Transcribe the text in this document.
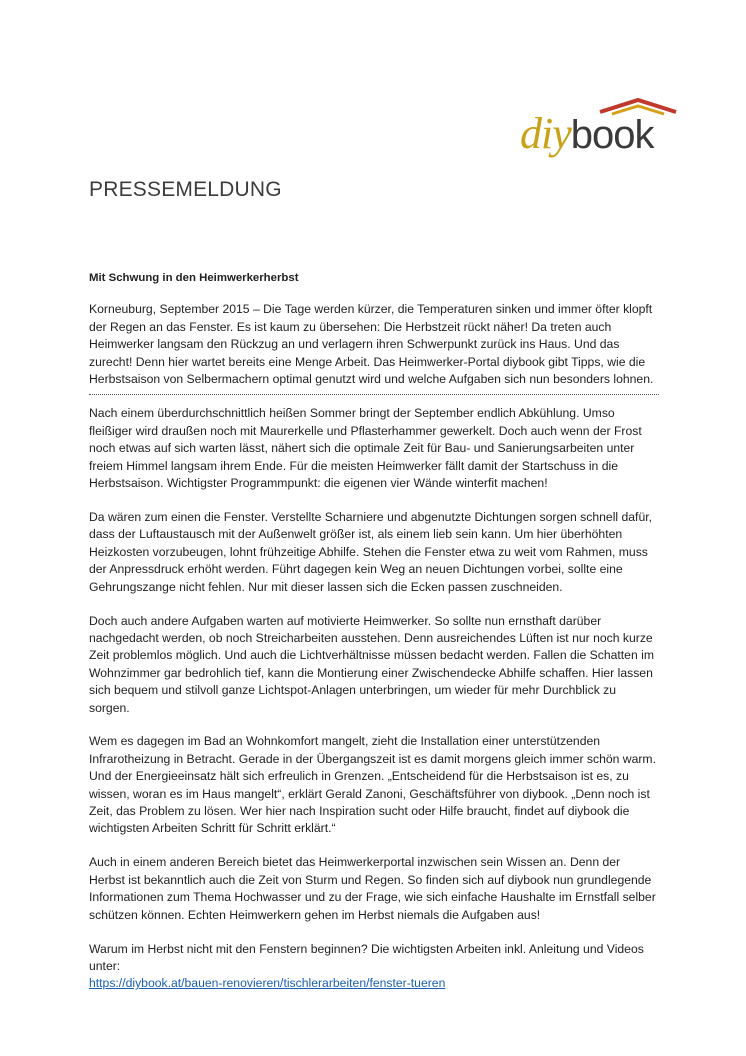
diybook
PRESSEMELDUNG

Mit Schwung in den Heimwerkerherbst

Korneuburg, September 2015 – Die Tage werden kürzer, die Temperaturen sinken und immer öfter klopft der Regen an das Fenster. Es ist kaum zu übersehen: Die Herbstzeit rückt näher! Da treten auch Heimwerker langsam den Rückzug an und verlagern ihren Schwerpunkt zurück ins Haus. Und das zurecht! Denn hier wartet bereits eine Menge Arbeit. Das Heimwerker-Portal diybook gibt Tipps, wie die Herbstsaison von Selbermachern optimal genutzt wird und welche Aufgaben sich nun besonders lohnen.

Nach einem überdurchschnittlich heißen Sommer bringt der September endlich Abkühlung. Umso fleißiger wird draußen noch mit Maurerkelle und Pflasterhammer gewerkelt. Doch auch wenn der Frost noch etwas auf sich warten lässt, nähert sich die optimale Zeit für Bau- und Sanierungsarbeiten unter freiem Himmel langsam ihrem Ende. Für die meisten Heimwerker fällt damit der Startschuss in die Herbstsaison. Wichtigster Programmpunkt: die eigenen vier Wände winterfit machen!

Da wären zum einen die Fenster. Verstellte Scharniere und abgenutzte Dichtungen sorgen schnell dafür, dass der Luftaustausch mit der Außenwelt größer ist, als einem lieb sein kann. Um hier überhöhten Heizkosten vorzubeugen, lohnt frühzeitige Abhilfe. Stehen die Fenster etwa zu weit vom Rahmen, muss der Anpressdruck erhöht werden. Führt dagegen kein Weg an neuen Dichtungen vorbei, sollte eine Gehrungszange nicht fehlen. Nur mit dieser lassen sich die Ecken passen zuschneiden.

Doch auch andere Aufgaben warten auf motivierte Heimwerker. So sollte nun ernsthaft darüber nachgedacht werden, ob noch Streicharbeiten ausstehen. Denn ausreichendes Lüften ist nur noch kurze Zeit problemlos möglich. Und auch die Lichtverhältnisse müssen bedacht werden. Fallen die Schatten im Wohnzimmer gar bedrohlich tief, kann die Montierung einer Zwischendecke Abhilfe schaffen. Hier lassen sich bequem und stilvoll ganze Lichtspot-Anlagen unterbringen, um wieder für mehr Durchblick zu sorgen.

Wem es dagegen im Bad an Wohnkomfort mangelt, zieht die Installation einer unterstützenden Infrarotheizung in Betracht. Gerade in der Übergangszeit ist es damit morgens gleich immer schön warm. Und der Energieeinsatz hält sich erfreulich in Grenzen. „Entscheidend für die Herbstsaison ist es, zu wissen, woran es im Haus mangelt“, erklärt Gerald Zanoni, Geschäftsführer von diybook. „Denn noch ist Zeit, das Problem zu lösen. Wer hier nach Inspiration sucht oder Hilfe braucht, findet auf diybook die wichtigsten Arbeiten Schritt für Schritt erklärt.“

Auch in einem anderen Bereich bietet das Heimwerkerportal inzwischen sein Wissen an. Denn der Herbst ist bekanntlich auch die Zeit von Sturm und Regen. So finden sich auf diybook nun grundlegende Informationen zum Thema Hochwasser und zu der Frage, wie sich einfache Haushalte im Ernstfall selber schützen können. Echten Heimwerkern gehen im Herbst niemals die Aufgaben aus!

Warum im Herbst nicht mit den Fenstern beginnen? Die wichtigsten Arbeiten inkl. Anleitung und Videos unter:
https://diybook.at/bauen-renovieren/tischlerarbeiten/fenster-tueren
